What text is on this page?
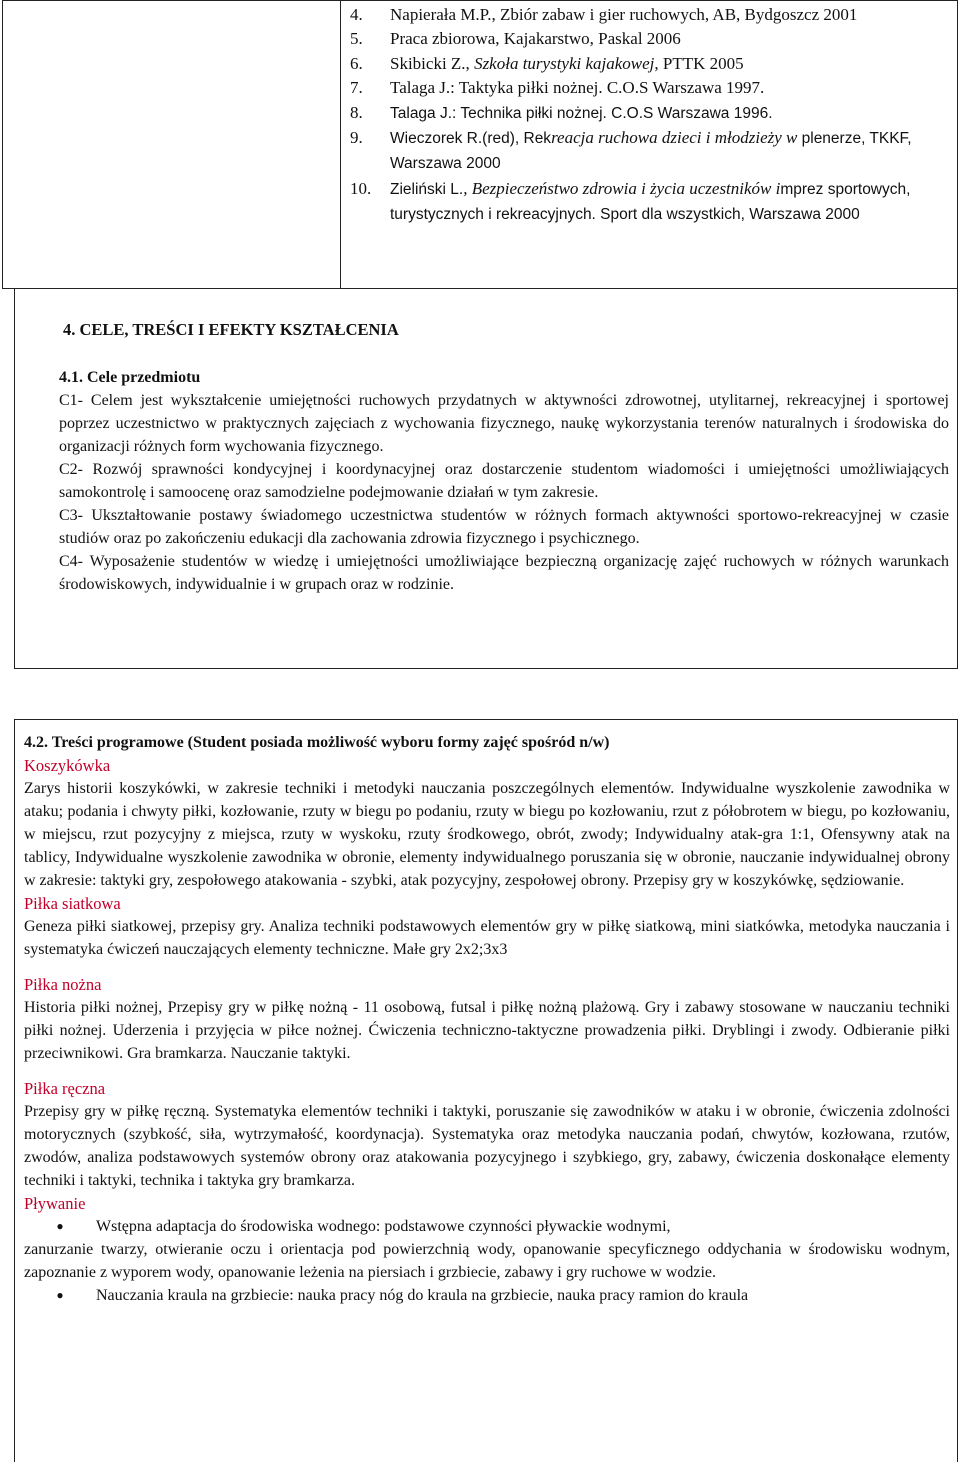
4.	Napierała M.P., Zbiór zabaw i gier ruchowych, AB, Bydgoszcz 2001
5.	Praca zbiorowa, Kajakarstwo, Paskal 2006
6.	Skibicki Z., Szkoła turystyki kajakowej, PTTK 2005
7.	Talaga J.: Taktyka piłki nożnej. C.O.S Warszawa 1997.
8.	Talaga J.: Technika piłki nożnej. C.O.S Warszawa 1996.
9.	Wieczorek R.(red), Rekreacja ruchowa dzieci i młodzieży w plenerze, TKKF, Warszawa 2000
10.	Zieliński L., Bezpieczeństwo zdrowia i życia uczestników imprez sportowych, turystycznych i rekreacyjnych. Sport dla wszystkich, Warszawa 2000
4. CELE, TREŚCI I EFEKTY KSZTAŁCENIA

4.1. Cele przedmiotu

C1- Celem jest wykształcenie umiejętności ruchowych przydatnych w aktywności zdrowotnej, utylitarnej, rekreacyjnej i sportowej poprzez uczestnictwo w praktycznych zajęciach z wychowania fizycznego, naukę wykorzystania terenów naturalnych i środowiska do organizacji różnych form wychowania fizycznego.

C2- Rozwój sprawności kondycyjnej i koordynacyjnej oraz dostarczenie studentom wiadomości i umiejętności umożliwiających samokontrolę i samoocenę oraz samodzielne podejmowanie działań w tym zakresie.

C3- Ukształtowanie postawy świadomego uczestnictwa studentów w różnych formach aktywności sportowo-rekreacyjnej w czasie studiów oraz po zakończeniu edukacji dla zachowania zdrowia fizycznego i psychicznego.

C4- Wyposażenie studentów w wiedzę i umiejętności umożliwiające bezpieczną organizację zajęć ruchowych w różnych warunkach środowiskowych, indywidualnie i w grupach oraz w rodzinie.

4.2. Treści programowe (Student posiada możliwość wyboru formy zajęć spośród n/w)

Koszykówka

Zarys historii koszykówki, w zakresie techniki i metodyki nauczania poszczególnych elementów. Indywidualne wyszkolenie zawodnika w ataku; podania i chwyty piłki, kozłowanie, rzuty w biegu po podaniu, rzuty w biegu po kozłowaniu, rzut z półobrotem w biegu, po kozłowaniu, w miejscu, rzut pozycyjny z miejsca, rzuty w wyskoku, rzuty środkowego, obrót, zwody; Indywidualny atak-gra 1:1, Ofensywny atak na tablicy, Indywidualne wyszkolenie zawodnika w obronie, elementy indywidualnego poruszania się w obronie, nauczanie indywidualnej obrony w zakresie: taktyki gry, zespołowego atakowania - szybki, atak pozycyjny, zespołowej obrony. Przepisy gry w koszykówkę, sędziowanie.

Piłka siatkowa

Geneza piłki siatkowej, przepisy gry. Analiza techniki podstawowych elementów gry w piłkę siatkową, mini siatkówka, metodyka nauczania i systematyka ćwiczeń nauczających elementy techniczne. Małe gry 2x2;3x3

Piłka nożna

Historia piłki nożnej, Przepisy gry w piłkę nożną - 11 osobową, futsal i piłkę nożną plażową. Gry i zabawy stosowane w nauczaniu techniki piłki nożnej. Uderzenia i przyjęcia w piłce nożnej. Ćwiczenia techniczno-taktyczne prowadzenia piłki. Dryblingi i zwody. Odbieranie piłki przeciwnikowi. Gra bramkarza. Nauczanie taktyki.

Piłka ręczna

Przepisy gry w piłkę ręczną. Systematyka elementów techniki i taktyki, poruszanie się zawodników w ataku i w obronie, ćwiczenia zdolności motorycznych (szybkość, siła, wytrzymałość, koordynacja). Systematyka oraz metodyka nauczania podań, chwytów, kozłowana, rzutów, zwodów, analiza podstawowych systemów obrony oraz atakowania pozycyjnego i szybkiego, gry, zabawy, ćwiczenia doskonałące elementy techniki i taktyki, technika i taktyka gry bramkarza.

Pływanie

●	Wstępna adaptacja do środowiska wodnego: podstawowe czynności pływackie wodnymi,

zanurzanie twarzy, otwieranie oczu i orientacja pod powierzchnią wody, opanowanie specyficznego oddychania w środowisku wodnym, zapoznanie z wyporem wody, opanowanie leżenia na piersiach i grzbiecie, zabawy i gry ruchowe w wodzie.

●	Nauczania kraula na grzbiecie: nauka pracy nóg do kraula na grzbiecie, nauka pracy ramion do kraula
